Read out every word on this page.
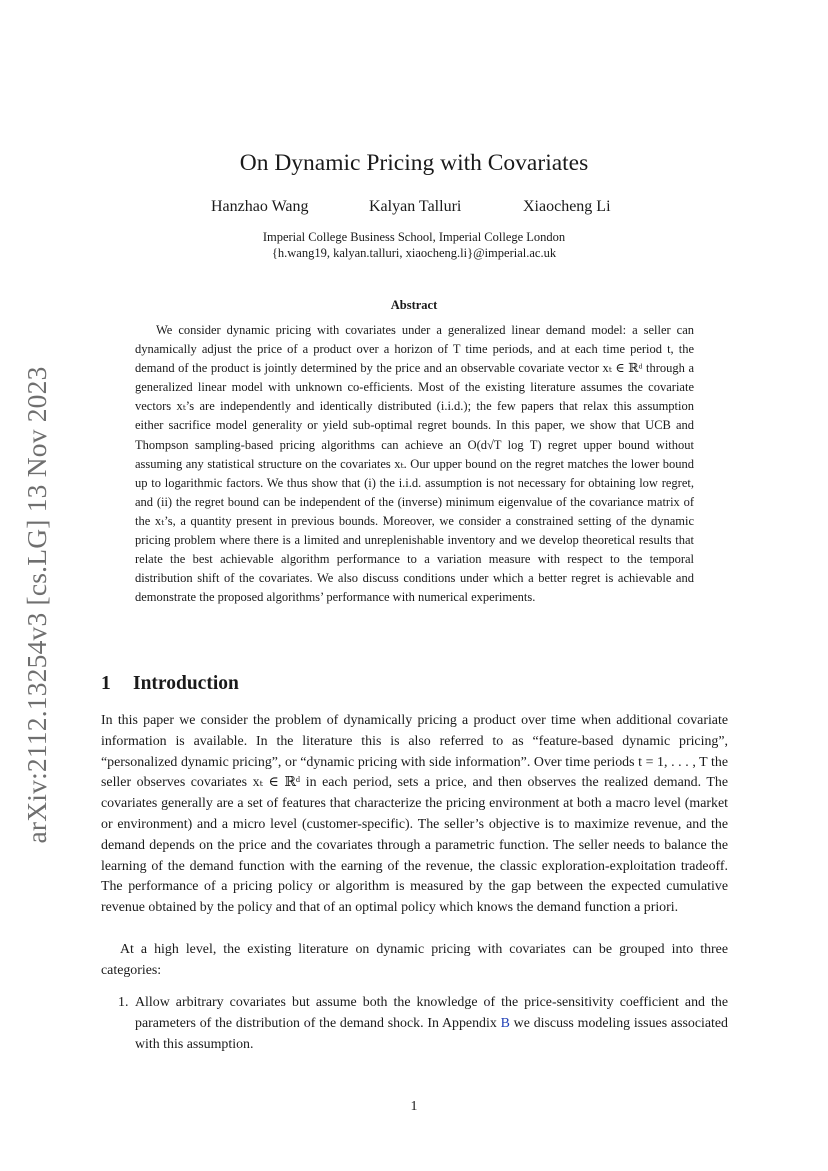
arXiv:2112.13254v3 [cs.LG] 13 Nov 2023
On Dynamic Pricing with Covariates
Hanzhao Wang	Kalyan Talluri	Xiaocheng Li
Imperial College Business School, Imperial College London
{h.wang19, kalyan.talluri, xiaocheng.li}@imperial.ac.uk
Abstract

We consider dynamic pricing with covariates under a generalized linear demand model: a seller can dynamically adjust the price of a product over a horizon of T time periods, and at each time period t, the demand of the product is jointly determined by the price and an observable covariate vector xₜ ∈ ℝᵈ through a generalized linear model with unknown co-efficients. Most of the existing literature assumes the covariate vectors xₜ’s are independently and identically distributed (i.i.d.); the few papers that relax this assumption either sacrifice model generality or yield sub-optimal regret bounds. In this paper, we show that UCB and Thompson sampling-based pricing algorithms can achieve an O(d√T log T) regret upper bound without assuming any statistical structure on the covariates xₜ. Our upper bound on the regret matches the lower bound up to logarithmic factors. We thus show that (i) the i.i.d. assumption is not necessary for obtaining low regret, and (ii) the regret bound can be independent of the (inverse) minimum eigenvalue of the covariance matrix of the xₜ’s, a quantity present in previous bounds. Moreover, we consider a constrained setting of the dynamic pricing problem where there is a limited and unreplenishable inventory and we develop theoretical results that relate the best achievable algorithm performance to a variation measure with respect to the temporal distribution shift of the covariates. We also discuss conditions under which a better regret is achievable and demonstrate the proposed algorithms’ performance with numerical experiments.

1 Introduction

In this paper we consider the problem of dynamically pricing a product over time when additional covariate information is available. In the literature this is also referred to as “feature-based dynamic pricing”, “personalized dynamic pricing”, or “dynamic pricing with side information”. Over time periods t = 1, . . . , T the seller observes covariates xₜ ∈ ℝᵈ in each period, sets a price, and then observes the realized demand. The covariates generally are a set of features that characterize the pricing environment at both a macro level (market or environment) and a micro level (customer-specific). The seller’s objective is to maximize revenue, and the demand depends on the price and the covariates through a parametric function. The seller needs to balance the learning of the demand function with the earning of the revenue, the classic exploration-exploitation tradeoff. The performance of a pricing policy or algorithm is measured by the gap between the expected cumulative revenue obtained by the policy and that of an optimal policy which knows the demand function a priori.

At a high level, the existing literature on dynamic pricing with covariates can be grouped into three categories:

1. Allow arbitrary covariates but assume both the knowledge of the price-sensitivity coefficient and the parameters of the distribution of the demand shock. In Appendix B we discuss modeling issues associated with this assumption.

1
